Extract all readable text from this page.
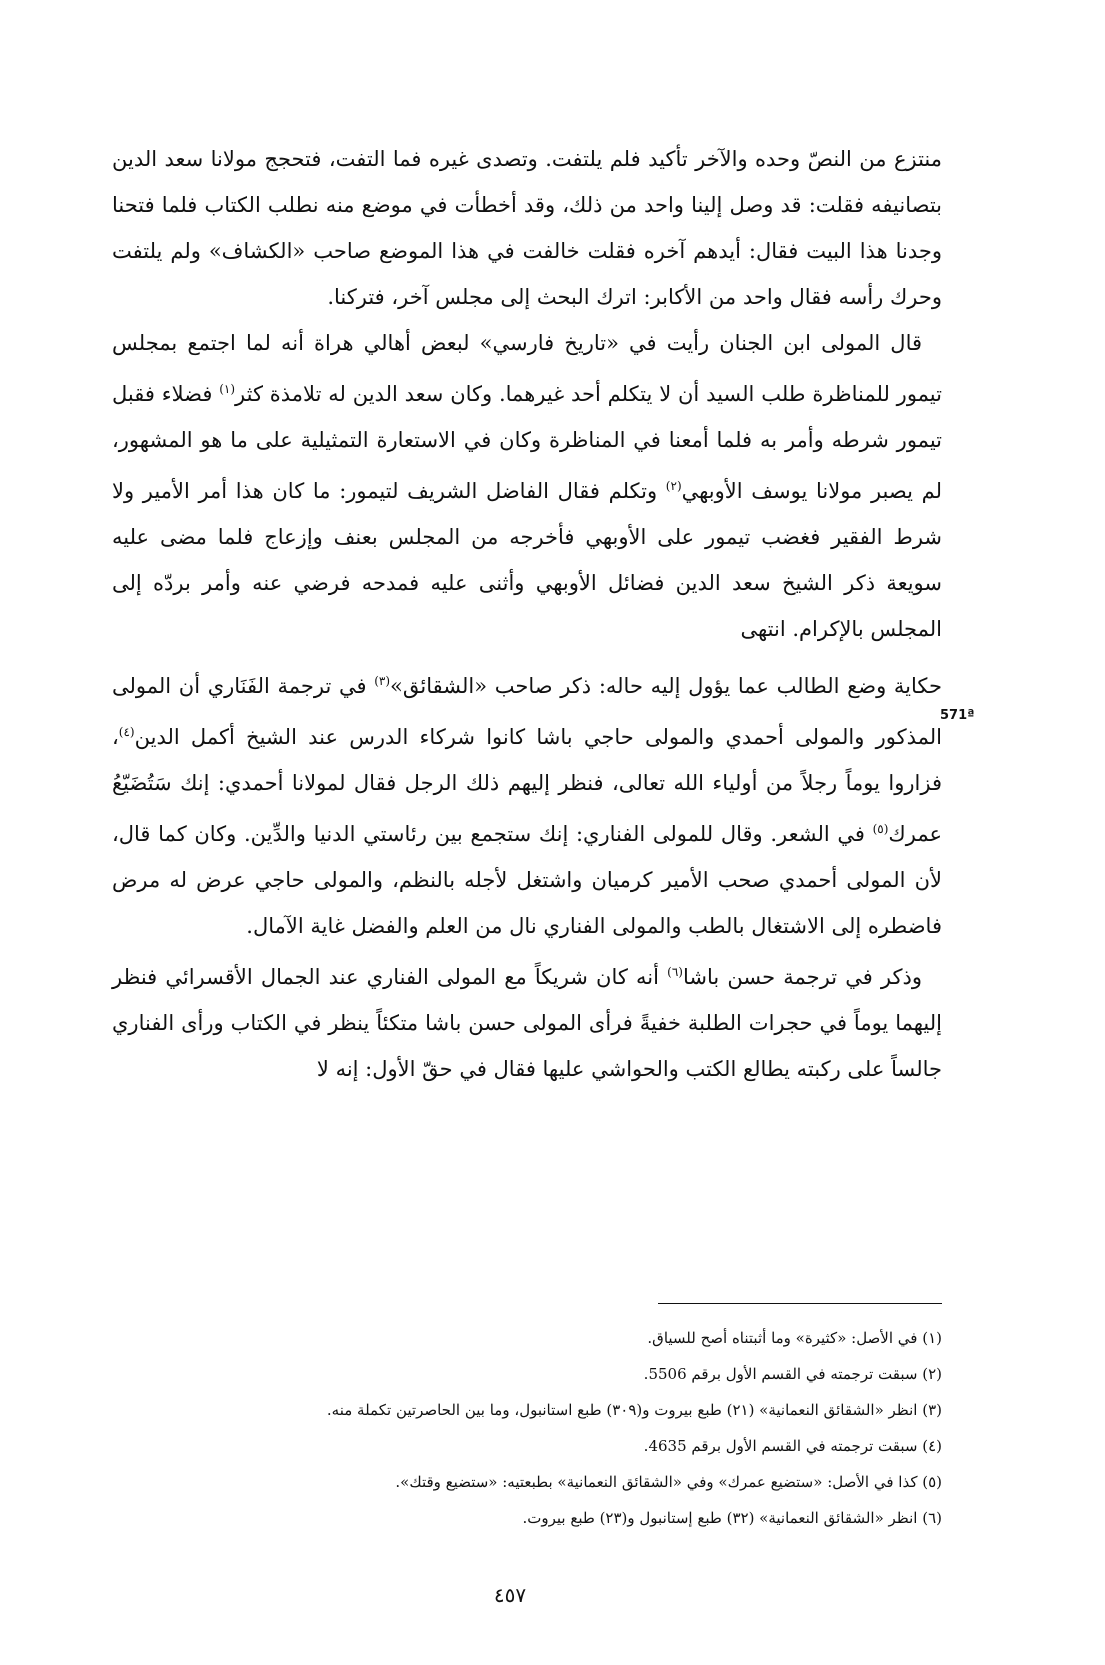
منتزع من النصّ وحده والآخر تأكيد فلم يلتفت. وتصدى غيره فما التفت، فتحجج مولانا سعد الدين بتصانيفه فقلت: قد وصل إلينا واحد من ذلك، وقد أخطأت في موضع منه نطلب الكتاب فلما فتحنا وجدنا هذا البيت فقال: أيدهم آخره فقلت خالفت في هذا الموضع صاحب «الكشاف» ولم يلتفت وحرك رأسه فقال واحد من الأكابر: اترك البحث إلى مجلس آخر، فتركنا.

قال المولى ابن الجنان رأيت في «تاريخ فارسي» لبعض أهالي هراة أنه لما اجتمع بمجلس تيمور للمناظرة طلب السيد أن لا يتكلم أحد غيرهما. وكان سعد الدين له تلامذة كثر$^{(١)}$ فضلاء فقبل تيمور شرطه وأمر به فلما أمعنا في المناظرة وكان في الاستعارة التمثيلية على ما هو المشهور، لم يصبر مولانا يوسف الأوبهي$^{(٢)}$ وتكلم فقال الفاضل الشريف لتيمور: ما كان هذا أمر الأمير ولا شرط الفقير فغضب تيمور على الأوبهي فأخرجه من المجلس بعنف وإزعاج فلما مضى عليه سويعة ذكر الشيخ سعد الدين فضائل الأوبهي وأثنى عليه فمدحه فرضي عنه وأمر بردّه إلى المجلس بالإكرام. انتهى

حكاية وضع الطالب عما يؤول إليه حاله: ذكر صاحب «الشقائق»$^{(٣)}$ في ترجمة الفَنَاري أن المولى المذكور والمولى أحمدي والمولى حاجي باشا كانوا شركاء الدرس عند الشيخ أكمل الدين$^{(٤)}$، فزاروا يوماً رجلاً من أولياء الله تعالى، فنظر إليهم ذلك الرجل فقال لمولانا أحمدي: إنك سَتُضَيّعُ عمرك$^{(٥)}$ في الشعر. وقال للمولى الفناري: إنك ستجمع بين رئاستي الدنيا والدِّين. وكان كما قال، لأن المولى أحمدي صحب الأمير كرميان واشتغل لأجله بالنظم، والمولى حاجي عرض له مرض فاضطره إلى الاشتغال بالطب والمولى الفناري نال من العلم والفضل غاية الآمال.

وذكر في ترجمة حسن باشا$^{(٦)}$ أنه كان شريكاً مع المولى الفناري عند الجمال الأقسرائي فنظر إليهما يوماً في حجرات الطلبة خفيةً فرأى المولى حسن باشا متكئاً ينظر في الكتاب ورأى الفناري جالساً على ركبته يطالع الكتب والحواشي عليها فقال في حقّ الأول: إنه لا

571ª

(١) في الأصل: «كثيرة» وما أثبتناه أصح للسياق.

(٢) سبقت ترجمته في القسم الأول برقم 5506.

(٣) انظر «الشقائق النعمانية» (٢١) طبع بيروت و(٣٠٩) طبع استانبول، وما بين الحاصرتين تكملة منه.

(٤) سبقت ترجمته في القسم الأول برقم 4635.

(٥) كذا في الأصل: «ستضيع عمرك» وفي «الشقائق النعمانية» بطبعتيه: «ستضيع وقتك».

(٦) انظر «الشقائق النعمانية» (٣٢) طبع إستانبول و(٢٣) طبع بيروت.

٤٥٧
